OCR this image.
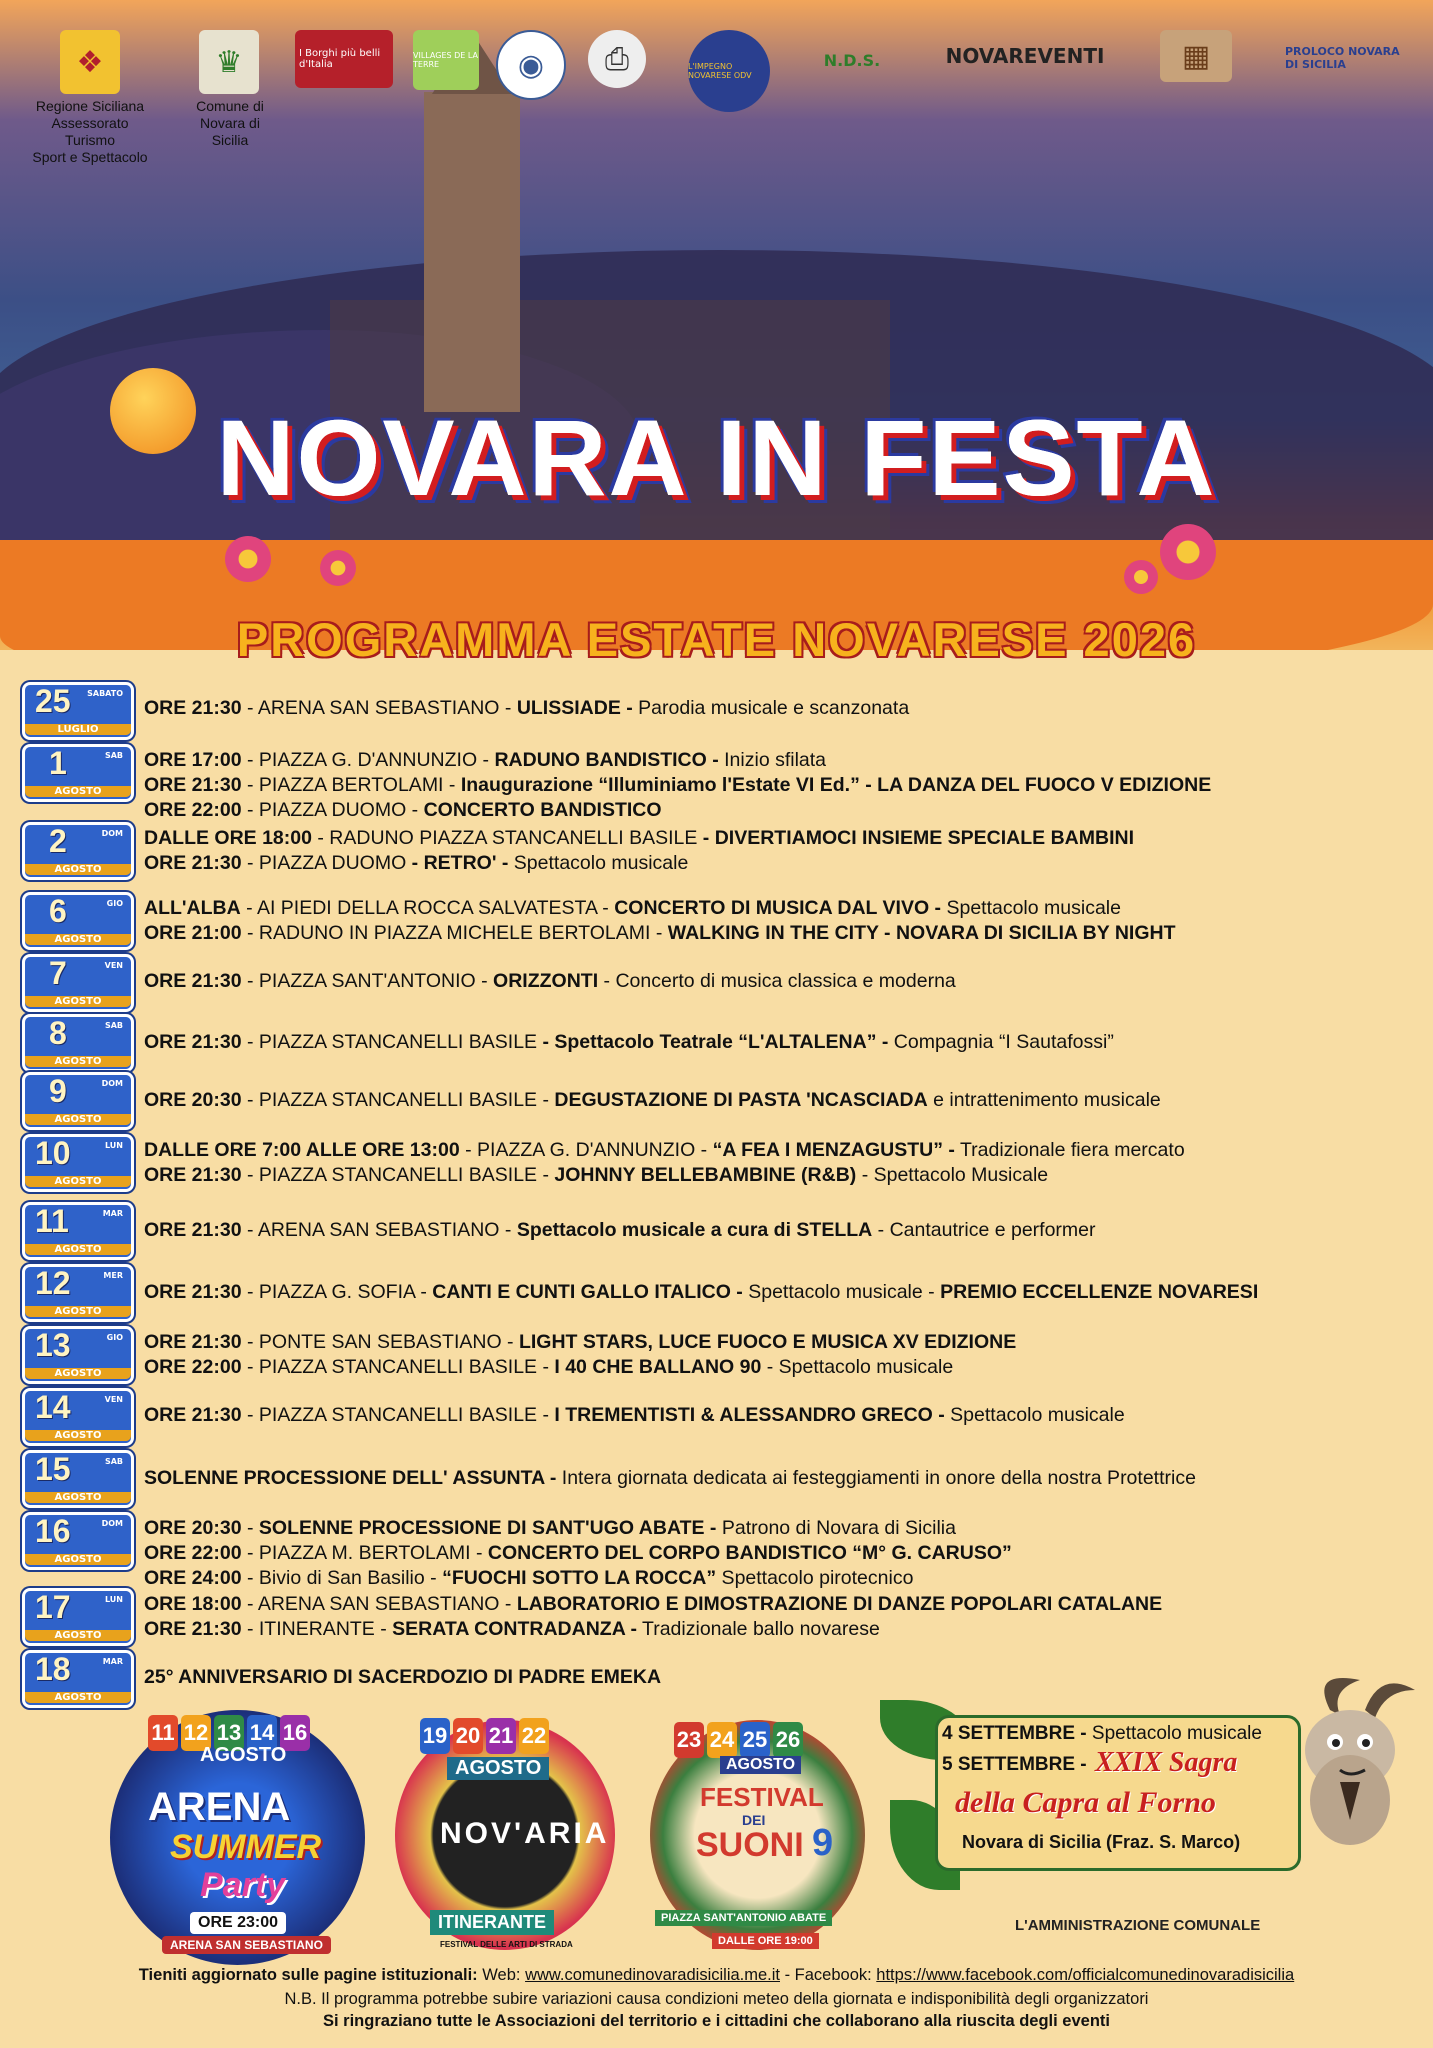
❖
Regione Siciliana
Assessorato
Turismo
Sport e Spettacolo
♛
Comune di
Novara di
Sicilia
I Borghi più belli d'Italia
VILLAGES DE LA TERRE	◉	⎙	L'IMPEGNO NOVARESE ODV
N.D.S.	NOVAREVENTI	▦	PROLOCO NOVARA DI SICILIA
NOVARA IN FESTA
PROGRAMMA ESTATE NOVARESE 2026
25 SABATO
LUGLIO
ORE 21:30 - ARENA SAN SEBASTIANO - ULISSIADE - Parodia musicale e scanzonata
1	SAB
AGOSTO
ORE 17:00 - PIAZZA G. D'ANNUNZIO - RADUNO BANDISTICO - Inizio sfilata
ORE 21:30 - PIAZZA BERTOLAMI - Inaugurazione “Illuminiamo l'Estate VI Ed.” - LA DANZA DEL FUOCO V EDIZIONE
ORE 22:00 - PIAZZA DUOMO - CONCERTO BANDISTICO
2	DOM
AGOSTO
DALLE ORE 18:00 - RADUNO PIAZZA STANCANELLI BASILE - DIVERTIAMOCI INSIEME SPECIALE BAMBINI
ORE 21:30 - PIAZZA DUOMO - RETRO' - Spettacolo musicale
6	GIO
AGOSTO
ALL'ALBA - AI PIEDI DELLA ROCCA SALVATESTA - CONCERTO DI MUSICA DAL VIVO - Spettacolo musicale
ORE 21:00 - RADUNO IN PIAZZA MICHELE BERTOLAMI - WALKING IN THE CITY - NOVARA DI SICILIA BY NIGHT
7	VEN
AGOSTO
ORE 21:30 - PIAZZA SANT'ANTONIO - ORIZZONTI - Concerto di musica classica e moderna
8	SAB
AGOSTO
ORE 21:30 - PIAZZA STANCANELLI BASILE - Spettacolo Teatrale “L'ALTALENA” - Compagnia “I Sautafossi”
9	DOM
AGOSTO
ORE 20:30 - PIAZZA STANCANELLI BASILE - DEGUSTAZIONE DI PASTA 'NCASCIADA e intrattenimento musicale
10	LUN
AGOSTO
DALLE ORE 7:00 ALLE ORE 13:00 - PIAZZA G. D'ANNUNZIO - “A FEA I MENZAGUSTU” - Tradizionale fiera mercato
ORE 21:30 - PIAZZA STANCANELLI BASILE - JOHNNY BELLEBAMBINE (R&B) - Spettacolo Musicale
11	MAR
AGOSTO
ORE 21:30 - ARENA SAN SEBASTIANO - Spettacolo musicale a cura di STELLA - Cantautrice e performer
12	MER
AGOSTO
ORE 21:30 - PIAZZA G. SOFIA - CANTI E CUNTI GALLO ITALICO - Spettacolo musicale - PREMIO ECCELLENZE NOVARESI
13	GIO
AGOSTO
ORE 21:30 - PONTE SAN SEBASTIANO - LIGHT STARS, LUCE FUOCO E MUSICA XV EDIZIONE
ORE 22:00 - PIAZZA STANCANELLI BASILE - I 40 CHE BALLANO 90 - Spettacolo musicale
14	VEN
AGOSTO
ORE 21:30 - PIAZZA STANCANELLI BASILE - I TREMENTISTI & ALESSANDRO GRECO - Spettacolo musicale
15	SAB
AGOSTO
SOLENNE PROCESSIONE DELL' ASSUNTA - Intera giornata dedicata ai festeggiamenti in onore della nostra Protettrice
16	DOM
AGOSTO
ORE 20:30 - SOLENNE PROCESSIONE DI SANT'UGO ABATE - Patrono di Novara di Sicilia
ORE 22:00 - PIAZZA M. BERTOLAMI - CONCERTO DEL CORPO BANDISTICO “M° G. CARUSO”
ORE 24:00 - Bivio di San Basilio - “FUOCHI SOTTO LA ROCCA” Spettacolo pirotecnico
17	LUN
AGOSTO
ORE 18:00 - ARENA SAN SEBASTIANO - LABORATORIO E DIMOSTRAZIONE DI DANZE POPOLARI CATALANE
ORE 21:30 - ITINERANTE - SERATA CONTRADANZA - Tradizionale ballo novarese
18	MAR
AGOSTO
25° ANNIVERSARIO DI SACERDOZIO DI PADRE EMEKA
11 12 13 14 16
AGOSTO
ARENA
SUMMER
Party
ORE 23:00
ARENA SAN SEBASTIANO
19 20 21 22
AGOSTO
NOV'ARIA
ITINERANTE
FESTIVAL DELLE ARTI DI STRADA
23 24 25 26
AGOSTO
FESTIVAL
DEI
SUONI 9
PIAZZA SANT'ANTONIO ABATE
DALLE ORE 19:00
4 SETTEMBRE - Spettacolo musicale
5 SETTEMBRE - XXIX Sagra
della Capra al Forno
Novara di Sicilia (Fraz. S. Marco)
L'AMMINISTRAZIONE COMUNALE
Tieniti aggiornato sulle pagine istituzionali: Web: www.comunedinovaradisicilia.me.it - Facebook: https://www.facebook.com/officialcomunedinovaradisicilia
N.B. Il programma potrebbe subire variazioni causa condizioni meteo della giornata e indisponibilità degli organizzatori
Si ringraziano tutte le Associazioni del territorio e i cittadini che collaborano alla riuscita degli eventi
